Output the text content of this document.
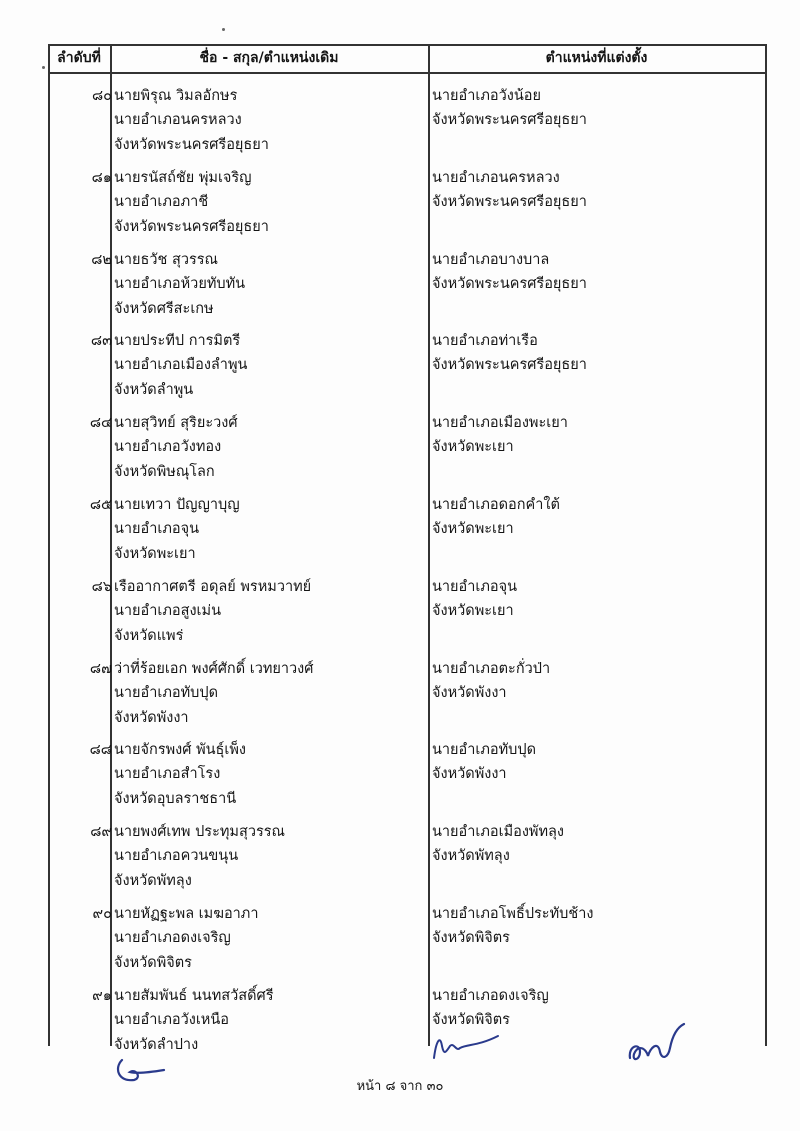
ลำดับที่	ชื่อ - สกุล/ตำแหน่งเดิม	ตำแหน่งที่แต่งตั้ง
๘๐ นายพิรุณ วิมลอักษร
นายอำเภอนครหลวง
จังหวัดพระนครศรีอยุธยา
นายอำเภอวังน้อย
จังหวัดพระนครศรีอยุธยา
๘๑ นายรนัสถ์ชัย พุ่มเจริญ
นายอำเภอภาชี
จังหวัดพระนครศรีอยุธยา
นายอำเภอนครหลวง
จังหวัดพระนครศรีอยุธยา
๘๒ นายธวัช สุวรรณ
นายอำเภอห้วยทับทัน
จังหวัดศรีสะเกษ
นายอำเภอบางบาล
จังหวัดพระนครศรีอยุธยา
๘๓ นายประทีป การมิตรี
นายอำเภอเมืองลำพูน
จังหวัดลำพูน
นายอำเภอท่าเรือ
จังหวัดพระนครศรีอยุธยา
๘๔ นายสุวิทย์ สุริยะวงศ์
นายอำเภอวังทอง
จังหวัดพิษณุโลก
นายอำเภอเมืองพะเยา
จังหวัดพะเยา
๘๕ นายเทวา ปัญญาบุญ
นายอำเภอจุน
จังหวัดพะเยา
นายอำเภอดอกคำใต้
จังหวัดพะเยา
๘๖ เรืออากาศตรี อดุลย์ พรหมวาทย์
นายอำเภอสูงเม่น
จังหวัดแพร่
นายอำเภอจุน
จังหวัดพะเยา
๘๗ ว่าที่ร้อยเอก พงศ์ศักดิ์ เวทยาวงศ์
นายอำเภอทับปุด
จังหวัดพังงา
นายอำเภอตะกั่วป่า
จังหวัดพังงา
๘๘ นายจักรพงศ์ พันธุ์เพ็ง
นายอำเภอสำโรง
จังหวัดอุบลราชธานี
นายอำเภอทับปุด
จังหวัดพังงา
๘๙ นายพงศ์เทพ ประทุมสุวรรณ
นายอำเภอควนขนุน
จังหวัดพัทลุง
นายอำเภอเมืองพัทลุง
จังหวัดพัทลุง
๙๐ นายหัฏฐะพล เมฆอาภา
นายอำเภอดงเจริญ
จังหวัดพิจิตร
นายอำเภอโพธิ์ประทับช้าง
จังหวัดพิจิตร
๙๑ นายสัมพันธ์ นนทสวัสดิ์ศรี
นายอำเภอวังเหนือ
จังหวัดลำปาง
นายอำเภอดงเจริญ
จังหวัดพิจิตร
หน้า ๘ จาก ๓๐
